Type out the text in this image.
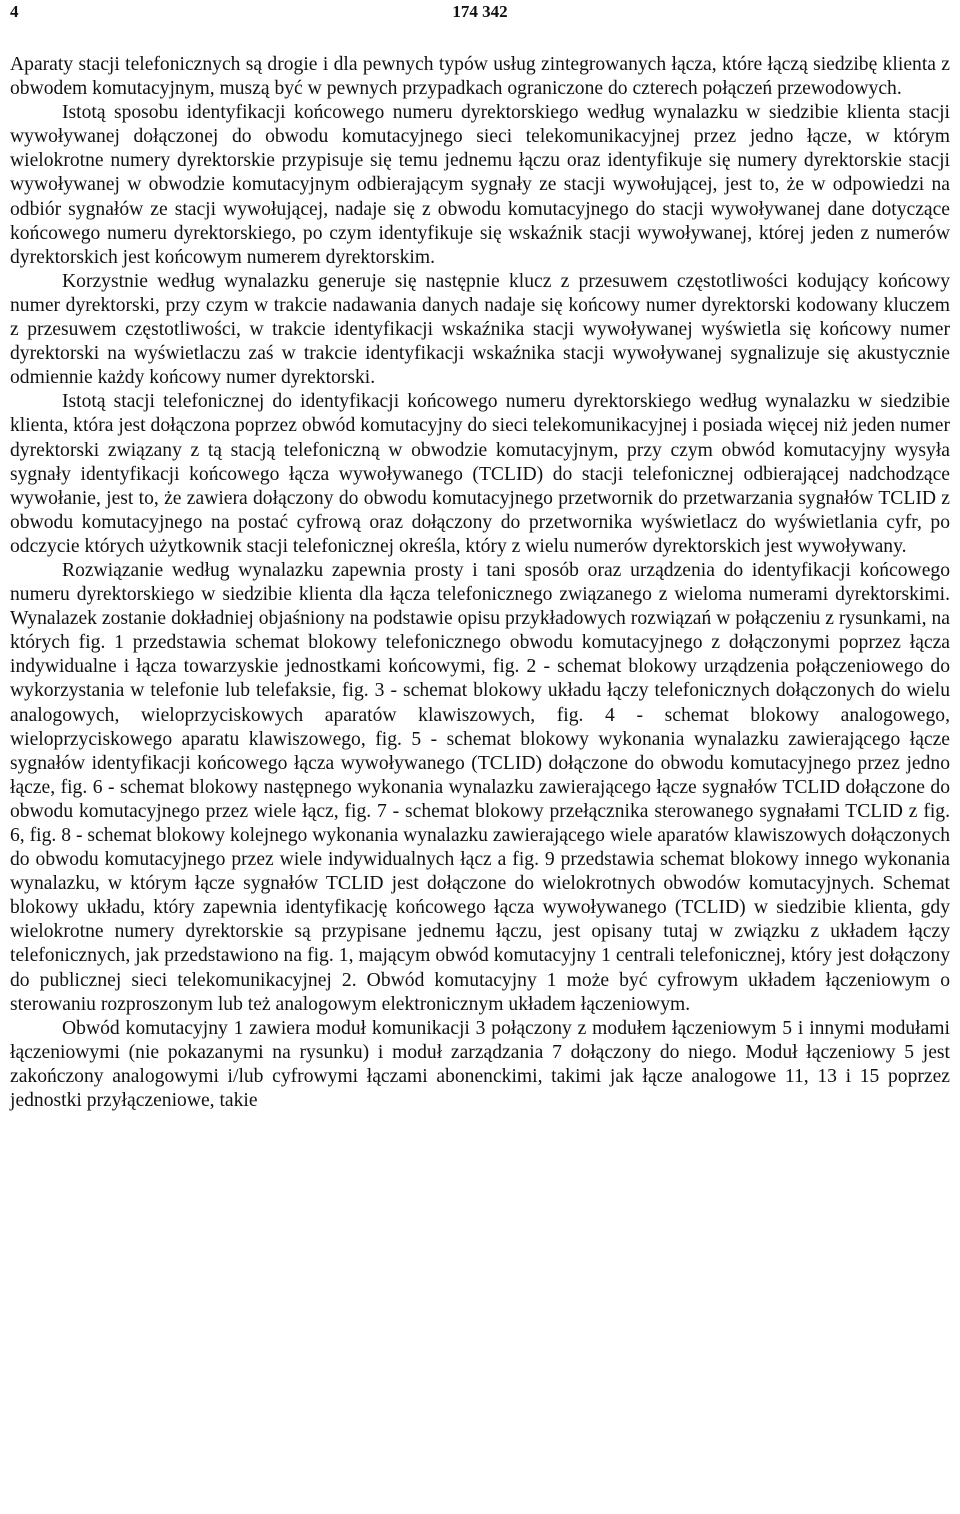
4	174 342

Aparaty stacji telefonicznych są drogie i dla pewnych typów usług zintegrowanych łącza, które łączą siedzibę klienta z obwodem komutacyjnym, muszą być w pewnych przypadkach ograniczone do czterech połączeń przewodowych.

Istotą sposobu identyfikacji końcowego numeru dyrektorskiego według wynalazku w siedzibie klienta stacji wywoływanej dołączonej do obwodu komutacyjnego sieci telekomunikacyjnej przez jedno łącze, w którym wielokrotne numery dyrektorskie przypisuje się temu jednemu łączu oraz identyfikuje się numery dyrektorskie stacji wywoływanej w obwodzie komutacyjnym odbierającym sygnały ze stacji wywołującej, jest to, że w odpowiedzi na odbiór sygnałów ze stacji wywołującej, nadaje się z obwodu komutacyjnego do stacji wywoływanej dane dotyczące końcowego numeru dyrektorskiego, po czym identyfikuje się wskaźnik stacji wywoływanej, której jeden z numerów dyrektorskich jest końcowym numerem dyrektorskim.

Korzystnie według wynalazku generuje się następnie klucz z przesuwem częstotliwości kodujący końcowy numer dyrektorski, przy czym w trakcie nadawania danych nadaje się końcowy numer dyrektorski kodowany kluczem z przesuwem częstotliwości, w trakcie identyfikacji wskaźnika stacji wywoływanej wyświetla się końcowy numer dyrektorski na wyświetlaczu zaś w trakcie identyfikacji wskaźnika stacji wywoływanej sygnalizuje się akustycznie odmiennie każdy końcowy numer dyrektorski.

Istotą stacji telefonicznej do identyfikacji końcowego numeru dyrektorskiego według wynalazku w siedzibie klienta, która jest dołączona poprzez obwód komutacyjny do sieci telekomunikacyjnej i posiada więcej niż jeden numer dyrektorski związany z tą stacją telefoniczną w obwodzie komutacyjnym, przy czym obwód komutacyjny wysyła sygnały identyfikacji końcowego łącza wywoływanego (TCLID) do stacji telefonicznej odbierającej nadchodzące wywołanie, jest to, że zawiera dołączony do obwodu komutacyjnego przetwornik do przetwarzania sygnałów TCLID z obwodu komutacyjnego na postać cyfrową oraz dołączony do przetwornika wyświetlacz do wyświetlania cyfr, po odczycie których użytkownik stacji telefonicznej określa, który z wielu numerów dyrektorskich jest wywoływany.

Rozwiązanie według wynalazku zapewnia prosty i tani sposób oraz urządzenia do identyfikacji końcowego numeru dyrektorskiego w siedzibie klienta dla łącza telefonicznego związanego z wieloma numerami dyrektorskimi. Wynalazek zostanie dokładniej objaśniony na podstawie opisu przykładowych rozwiązań w połączeniu z rysunkami, na których fig. 1 przedstawia schemat blokowy telefonicznego obwodu komutacyjnego z dołączonymi poprzez łącza indywidualne i łącza towarzyskie jednostkami końcowymi, fig. 2 - schemat blokowy urządzenia połączeniowego do wykorzystania w telefonie lub telefaksie, fig. 3 - schemat blokowy układu łączy telefonicznych dołączonych do wielu analogowych, wieloprzyciskowych aparatów klawiszowych, fig. 4 - schemat blokowy analogowego, wieloprzyciskowego aparatu klawiszowego, fig. 5 - schemat blokowy wykonania wynalazku zawierającego łącze sygnałów identyfikacji końcowego łącza wywoływanego (TCLID) dołączone do obwodu komutacyjnego przez jedno łącze, fig. 6 - schemat blokowy następnego wykonania wynalazku zawierającego łącze sygnałów TCLID dołączone do obwodu komutacyjnego przez wiele łącz, fig. 7 - schemat blokowy przełącznika sterowanego sygnałami TCLID z fig. 6, fig. 8 - schemat blokowy kolejnego wykonania wynalazku zawierającego wiele aparatów klawiszowych dołączonych do obwodu komutacyjnego przez wiele indywidualnych łącz a fig. 9 przedstawia schemat blokowy innego wykonania wynalazku, w którym łącze sygnałów TCLID jest dołączone do wielokrotnych obwodów komutacyjnych. Schemat blokowy układu, który zapewnia identyfikację końcowego łącza wywoływanego (TCLID) w siedzibie klienta, gdy wielokrotne numery dyrektorskie są przypisane jednemu łączu, jest opisany tutaj w związku z układem łączy telefonicznych, jak przedstawiono na fig. 1, mającym obwód komutacyjny 1 centrali telefonicznej, który jest dołączony do publicznej sieci telekomunikacyjnej 2. Obwód komutacyjny 1 może być cyfrowym układem łączeniowym o sterowaniu rozproszonym lub też analogowym elektronicznym układem łączeniowym.

Obwód komutacyjny 1 zawiera moduł komunikacji 3 połączony z modułem łączeniowym 5 i innymi modułami łączeniowymi (nie pokazanymi na rysunku) i moduł zarządzania 7 dołączony do niego. Moduł łączeniowy 5 jest zakończony analogowymi i/lub cyfrowymi łączami abonenckimi, takimi jak łącze analogowe 11, 13 i 15 poprzez jednostki przyłączeniowe, takie
